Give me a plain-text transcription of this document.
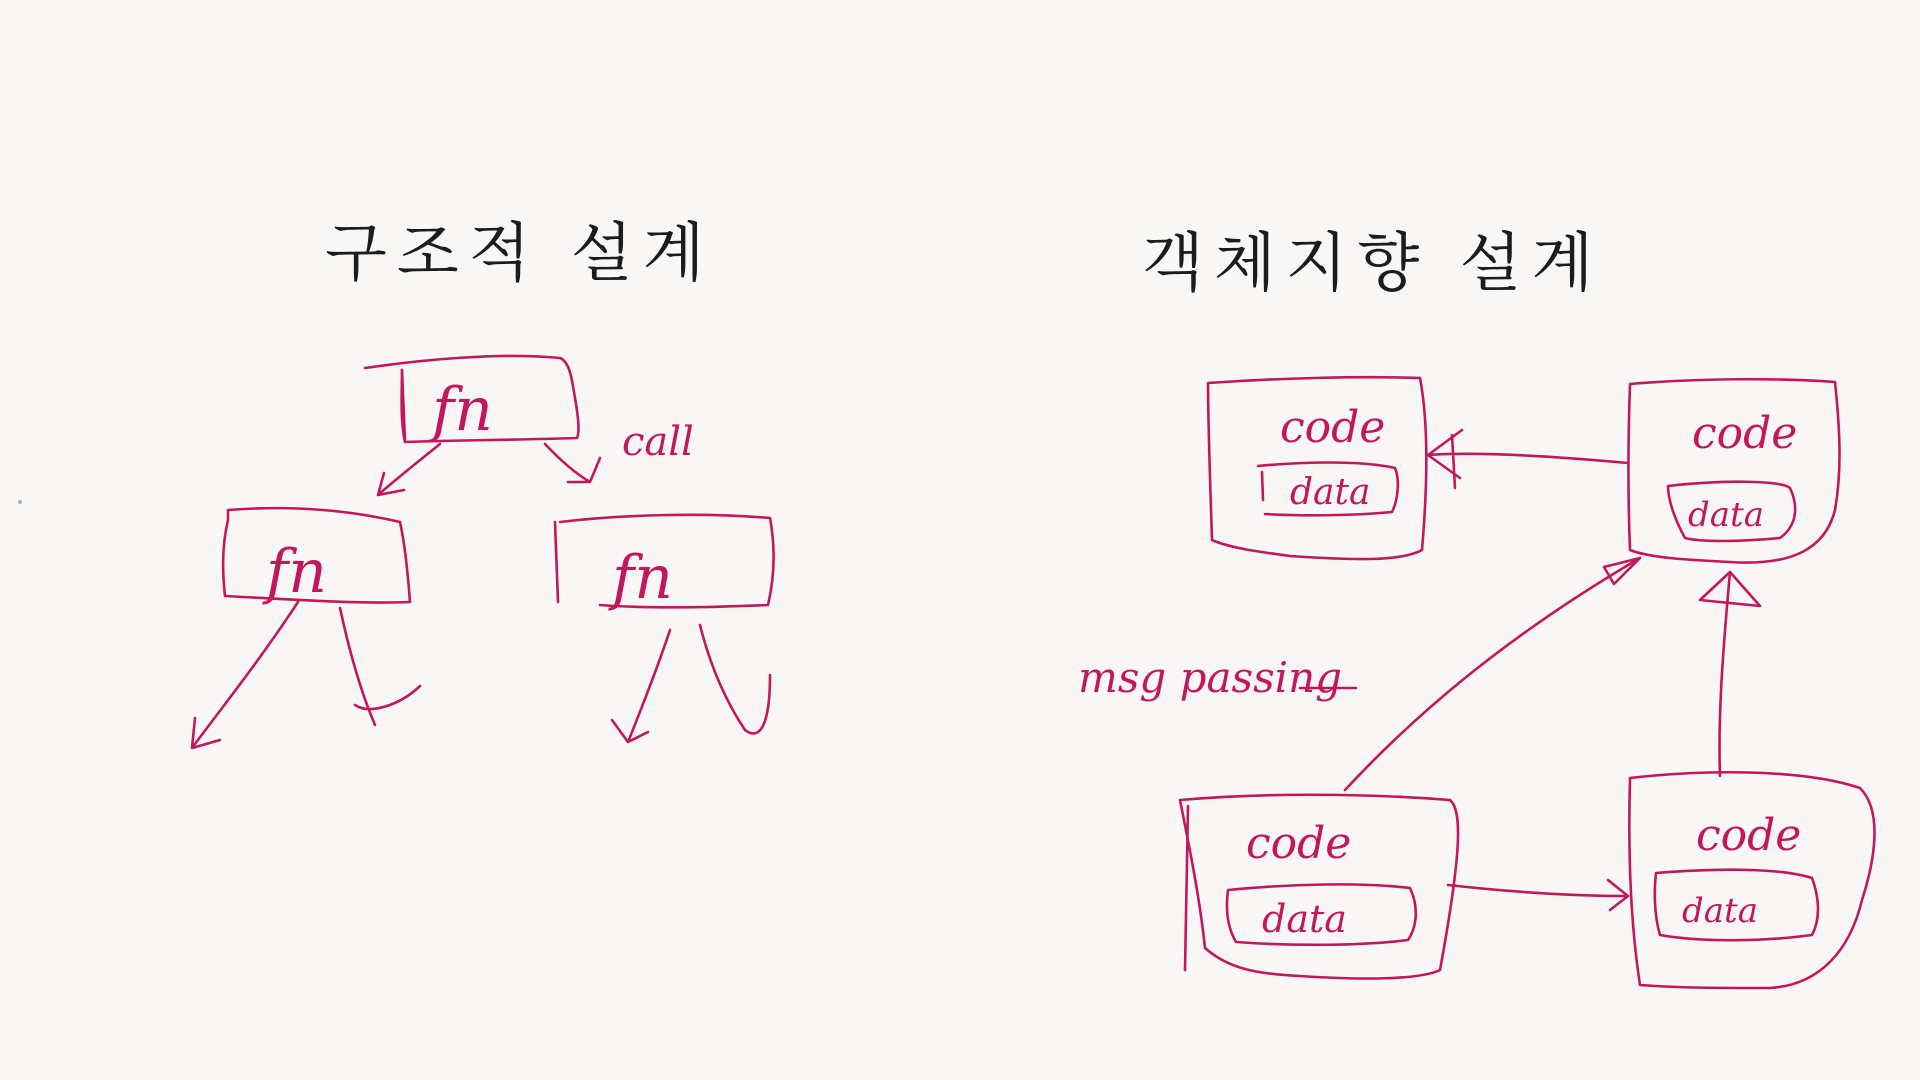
구조적 설계
fn	call
fn	fn
객체지향 설계
code
data
code
data
code
data
code
data
msg passing
